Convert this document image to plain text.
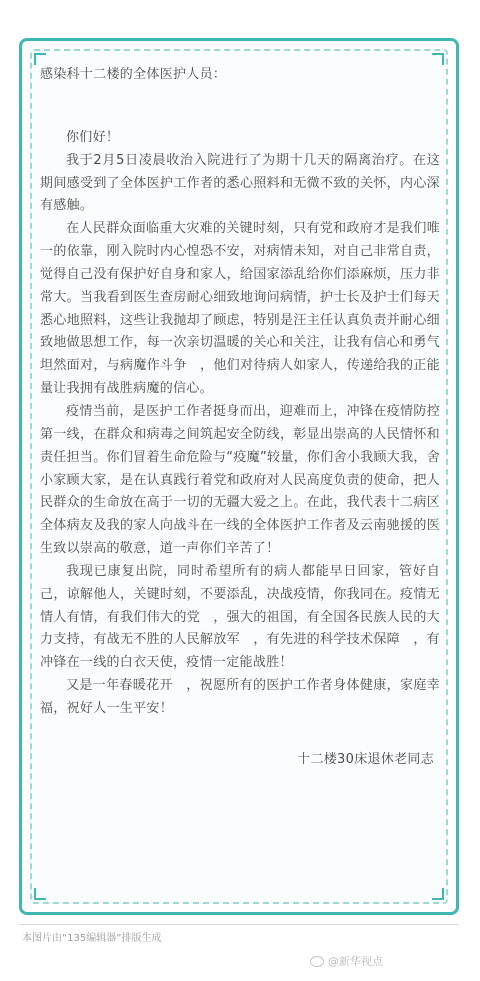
感染科十二楼的全体医护人员：

你们好！

我于2月5日凌晨收治入院进行了为期十几天的隔离治疗。在这期间感受到了全体医护工作者的悉心照料和无微不致的关怀，内心深有感触。

在人民群众面临重大灾难的关键时刻，只有党和政府才是我们唯一的依靠，刚入院时内心惶恐不安，对病情未知，对自己非常自责，觉得自己没有保护好自身和家人，给国家添乱给你们添麻烦，压力非常大。当我看到医生查房耐心细致地询问病情，护士长及护士们每天悉心地照料，这些让我抛却了顾虑，特别是汪主任认真负责并耐心细致地做思想工作，每一次亲切温暖的关心和关注，让我有信心和勇气坦然面对，与病魔作斗争　，他们对待病人如家人，传递给我的正能量让我拥有战胜病魔的信心。

疫情当前，是医护工作者挺身而出，迎难而上，冲锋在疫情防控第一线，在群众和病毒之间筑起安全防线，彰显出崇高的人民情怀和责任担当。你们冒着生命危险与“疫魔”较量，你们舍小我顾大我，舍小家顾大家，是在认真践行着党和政府对人民高度负责的使命，把人民群众的生命放在高于一切的无疆大爱之上。在此，我代表十二病区全体病友及我的家人向战斗在一线的全体医护工作者及云南驰援的医生致以崇高的敬意，道一声你们辛苦了！

我现已康复出院，同时希望所有的病人都能早日回家，管好自己，谅解他人，关键时刻，不要添乱，决战疫情，你我同在。疫情无情人有情，有我们伟大的党　，强大的祖国，有全国各民族人民的大力支持，有战无不胜的人民解放军　，有先进的科学技术保障　，有冲锋在一线的白衣天使，疫情一定能战胜！

又是一年春暖花开　，祝愿所有的医护工作者身体健康，家庭幸福，祝好人一生平安！

十二楼30床退休老同志

本图片由“135编辑器”排版生成
@新华视点
